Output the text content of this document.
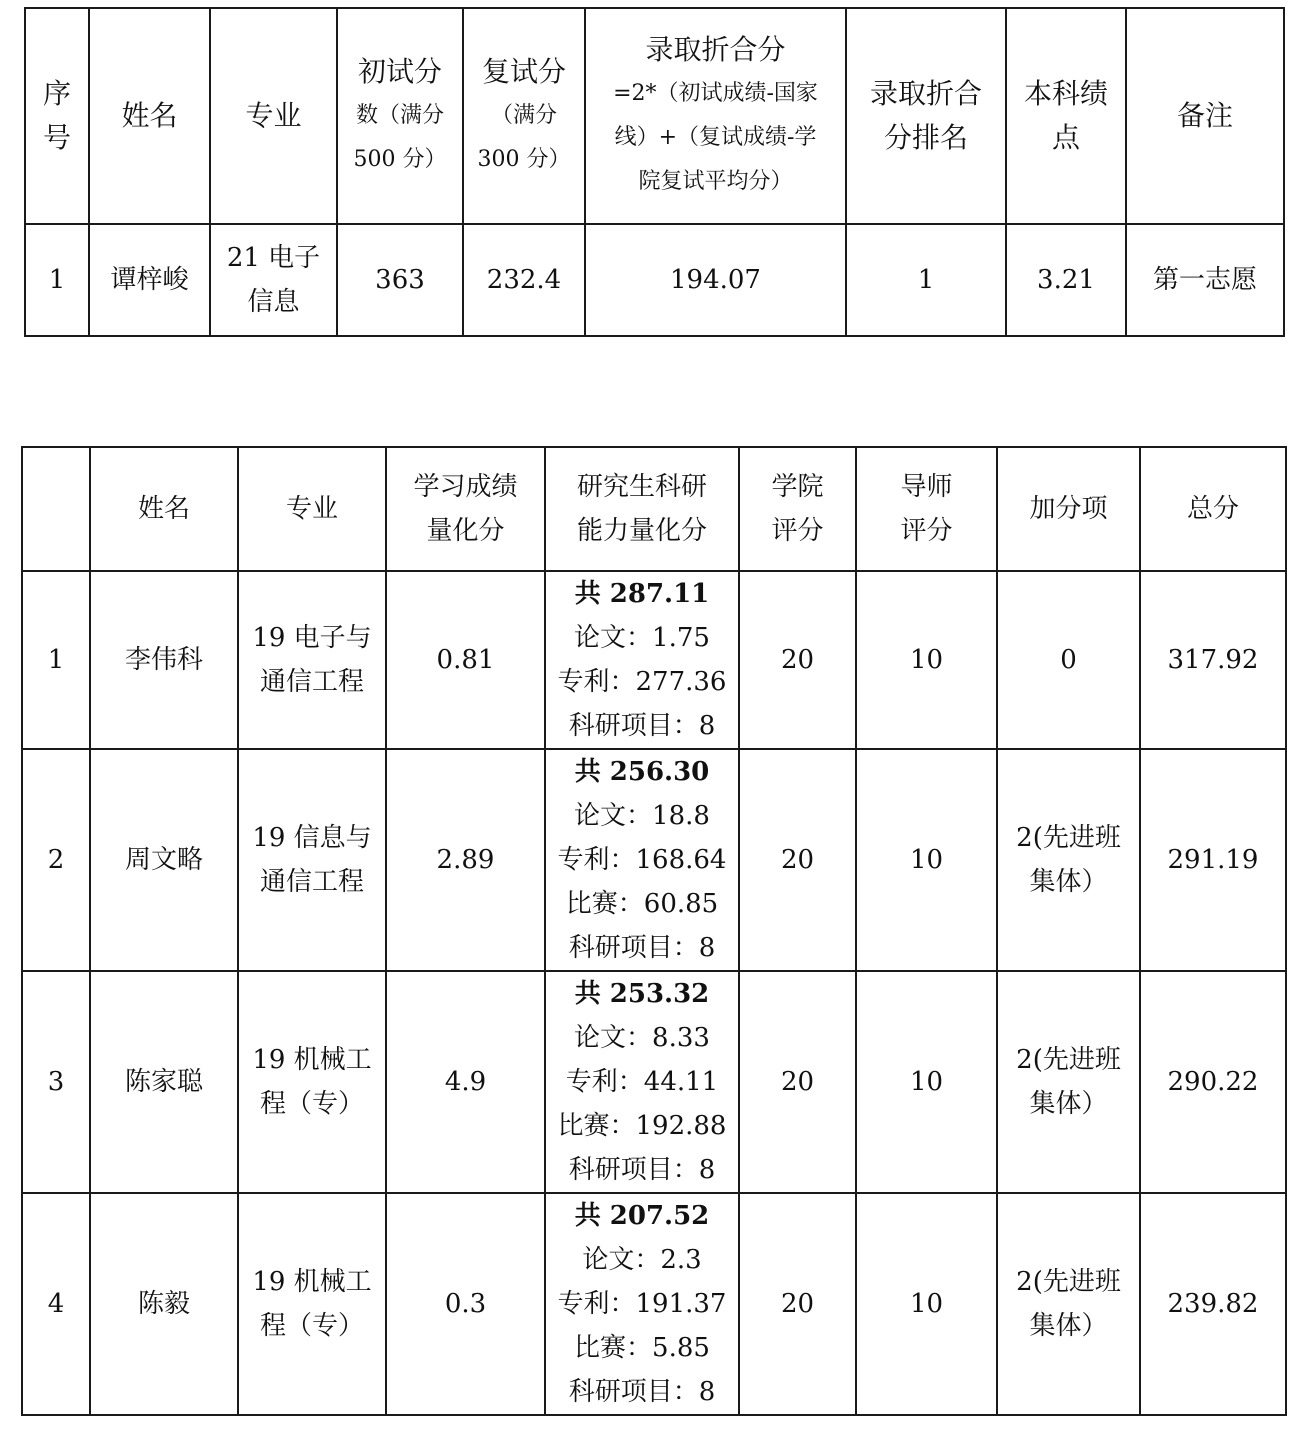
序
号	姓名	专业	初试分
数（满分
500 分）	复试分
（满分
300 分）	录取折合分
=2*（初试成绩-国家
线）+（复试成绩-学
院复试平均分）	录取折合
分排名	本科绩
点	备注

1	谭梓峻	21 电子
信息	363	232.4	194.07	1	3.21	第一志愿

	姓名	专业	学习成绩
量化分	研究生科研
能力量化分	学院
评分	导师
评分	加分项	总分

1	李伟科	19 电子与
通信工程	0.81	共 287.11
论文：1.75
专利：277.36
科研项目：8	20	10	0	317.92
2	周文略	19 信息与
通信工程	2.89	共 256.30
论文：18.8
专利：168.64
比赛：60.85
科研项目：8	20	10	2(先进班
集体）	291.19
3	陈家聪	19 机械工
程（专）	4.9	共 253.32
论文：8.33
专利：44.11
比赛：192.88
科研项目：8	20	10	2(先进班
集体）	290.22
4	陈毅	19 机械工
程（专）	0.3	共 207.52
论文：2.3
专利：191.37
比赛：5.85
科研项目：8	20	10	2(先进班
集体）	239.82
